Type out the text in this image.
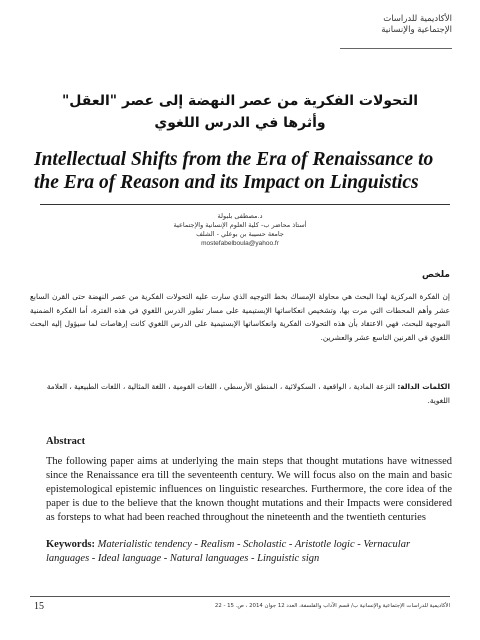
الأكاديمية للدراسات
الإجتماعية والإنسانية
التحولات الفكرية من عصر النهضة إلى عصر "العقل"
وأثرها في الدرس اللغوي
Intellectual Shifts from the Era of Renaissance to
the Era of Reason and its Impact on Linguistics
د.مصطفى بلبولة
أستاذ محاضر ب- كلية العلوم الإنسانية والإجتماعية
جامعة حسيبة بن بوعلي - الشلف
mostefabelboula@yahoo.fr
ملخص
إن الفكرة المركزية لهذا البحث هي محاولة الإمساك بخط التوجيه الذي سارت عليه التحولات الفكرية من عصر النهضة حتى القرن السابع عشر وأهم المحطات التي مرت بها، وتشخيص انعكاساتها الإبستيمية على مسار تطور الدرس اللغوي في هذه الفترة، أما الفكرة الضمنية الموجهة للبحث، فهي الاعتقاد بأن هذه التحولات الفكرية وانعكاساتها الإبستيمية على الدرس اللغوي كانت إرهاصات لما سيؤول إليه البحث اللغوي في القرنين التاسع عشر والعشرين.
الكلمات الدالة: النزعة المادية ، الواقعية ، السكولائية ، المنطق الأرسطي ، اللغات القومية ، اللغة المثالية ، اللغات الطبيعية ، العلامة اللغوية.
Abstract
The following paper aims at underlying the main steps that thought mutations have witnessed since the Renaissance era till the seventeenth century. We will focus also on the main and basic epistemological epistemic influences on linguistic researches. Furthermore, the core idea of the paper is due to the believe that the known thought mutations and their Impacts were considered as forsteps to what had been reached throughout the nineteenth and the twentieth centuries
Keywords: Materialistic tendency - Realism - Scholastic - Aristotle logic - Vernacular languages - Ideal language - Natural languages - Linguistic sign
15	الأكاديمية للدراسات الإجتماعية والإنسانية ب/ قسم الآداب والفلسفة، العدد 12 جوان 2014 ، ص. 15 - 22
